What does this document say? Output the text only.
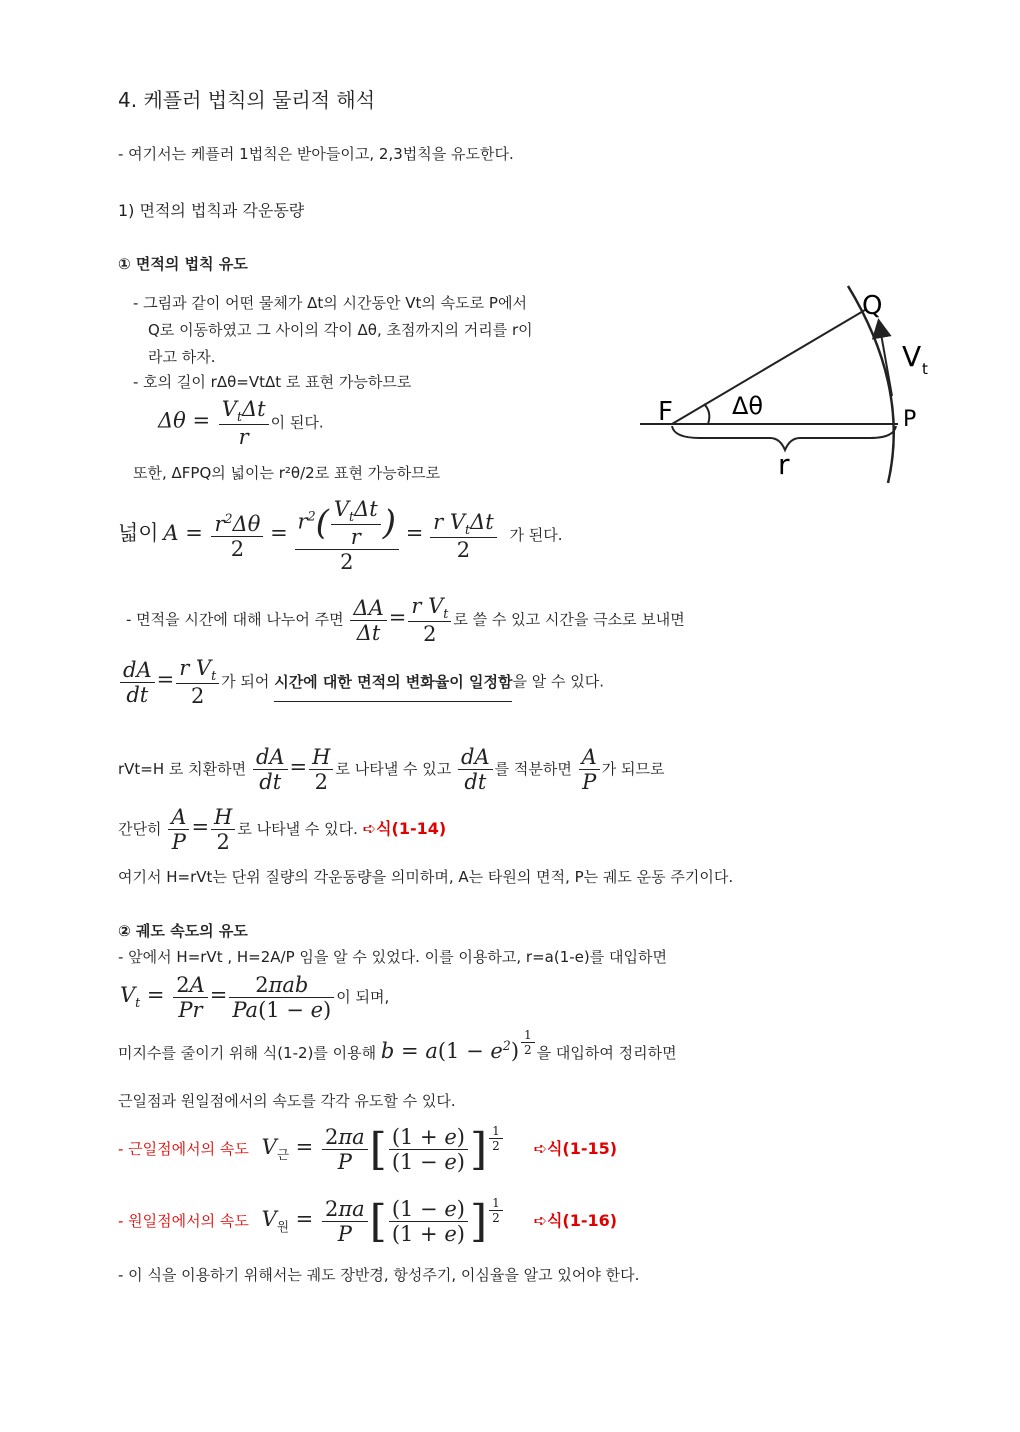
4. 케플러 법칙의 물리적 해석
- 여기서는 케플러 1법칙은 받아들이고, 2,3법칙을 유도한다.
1) 면적의 법칙과 각운동량
① 면적의 법칙 유도
- 그림과 같이 어떤 물체가 Δt의 시간동안 Vt의 속도로 P에서
Q로 이동하였고 그 사이의 각이 Δθ, 초점까지의 거리를 r이
라고 하자.
- 호의 길이 rΔθ=VtΔt 로 표현 가능하므로
$\Delta\theta = \frac{V_t\Delta t}{r}$ 이 된다.
또한, ΔFPQ의 넓이는 r²θ/2로 표현 가능하므로
넓이 $A = \frac{r^2\Delta\theta}{2} = \frac{r^2( \frac{V_t\Delta t}{r} )}{2} = \frac{r V_t\Delta t}{2}$ 가 된다.
- 면적을 시간에 대해 나누어 주면 $\frac{\Delta A}{\Delta t} = \frac{r V_t}{2}$ 로 쓸 수 있고 시간을 극소로 보내면
$\frac{dA}{dt} = \frac{r V_t}{2}$ 가 되어 시간에 대한 면적의 변화율이 일정함을 알 수 있다.
rVt=H 로 치환하면 $\frac{dA}{dt} = \frac{H}{2}$ 로 나타낼 수 있고 $\frac{dA}{dt}$ 를 적분하면 $\frac{A}{P}$ 가 되므로
간단히 $\frac{A}{P} = \frac{H}{2}$ 로 나타낼 수 있다. ➪식(1-14)
여기서 H=rVt는 단위 질량의 각운동량을 의미하며, A는 타원의 면적, P는 궤도 운동 주기이다.
② 궤도 속도의 유도
- 앞에서 H=rVt , H=2A/P 임을 알 수 있었다. 이를 이용하고, r=a(1-e)를 대입하면
$V_t = \frac{2A}{Pr} = \frac{\text{2πab}}{Pa(1 - e)}$ 이 되며,
미지수를 줄이기 위해 식(1-2)를 이용해 $b = a(1 - e^2) \frac{1}{2}$ 을 대입하여 정리하면
근일점과 원일점에서의 속도를 각각 유도할 수 있다.
- 근일점에서의 속도 $V_근 = \frac{2\pi a}{P}$ [ $\frac{(1 + e)}{(1 - e)}$ ] $\frac{1}{2}$ ➪식(1-15)
- 원일점에서의 속도 $V_원 = \frac{2\pi a}{P}$ [ $\frac{(1 - e)}{(1 + e)}$ ] $\frac{1}{2}$ ➪식(1-16)
- 이 식을 이용하기 위해서는 궤도 장반경, 항성주기, 이심율을 알고 있어야 한다.
F	P
Q
Δθ
r
V t
